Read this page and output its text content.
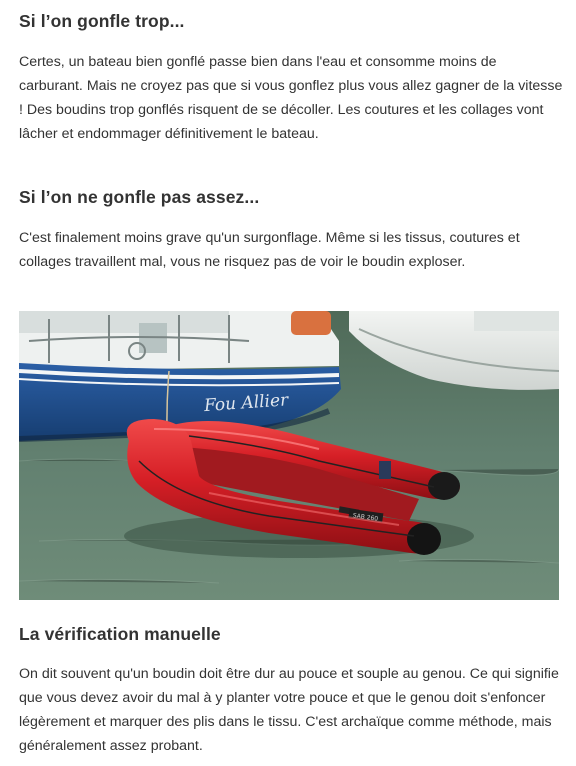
Si l’on gonfle trop...

Certes, un bateau bien gonflé passe bien dans l'eau et consomme moins de carburant. Mais ne croyez pas que si vous gonflez plus vous allez gagner de la vitesse ! Des boudins trop gonflés risquent de se décoller. Les coutures et les collages vont lâcher et endommager définitivement le bateau.

Si l’on ne gonfle pas assez...

C'est finalement moins grave qu'un surgonflage. Même si les tissus, coutures et collages travaillent mal, vous ne risquez pas de voir le boudin exploser.

Fou Allier
SAB 260
La vérification manuelle

On dit souvent qu'un boudin doit être dur au pouce et souple au genou. Ce qui signifie que vous devez avoir du mal à y planter votre pouce et que le genou doit s'enfoncer légèrement et marquer des plis dans le tissu. C'est archaïque comme méthode, mais généralement assez probant.
